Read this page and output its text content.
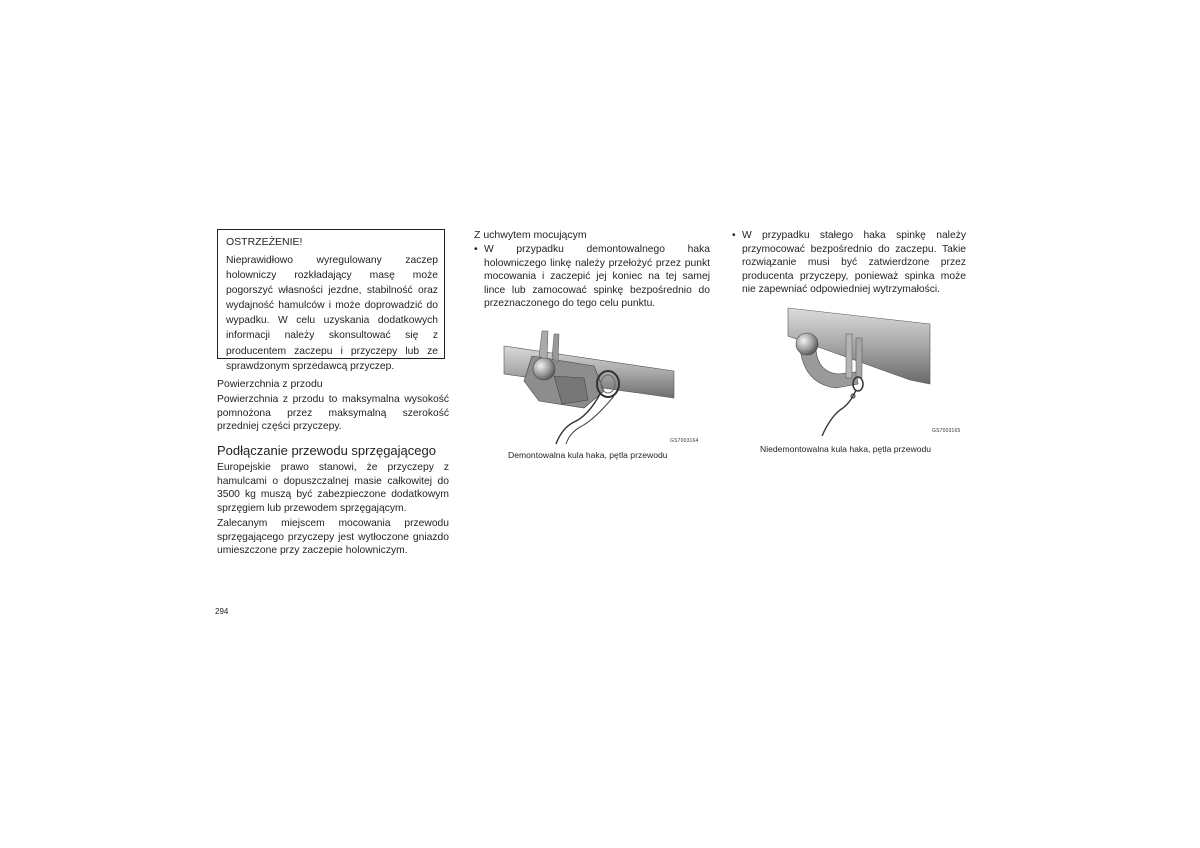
OSTRZEŻENIE!

Nieprawidłowo wyregulowany zaczep holowniczy rozkładający masę może pogorszyć własności jezdne, stabilność oraz wydajność hamulców i może doprowadzić do wypadku. W celu uzyskania dodatkowych informacji należy skonsultować się z producentem zaczepu i przyczepy lub ze sprawdzonym sprzedawcą przyczep.

Powierzchnia z przodu

Powierzchnia z przodu to maksymalna wysokość pomnożona przez maksymalną szerokość przedniej części przyczepy.

Podłączanie przewodu sprzęgającego

Europejskie prawo stanowi, że przyczepy z hamulcami o dopuszczalnej masie całkowitej do 3500 kg muszą być zabezpieczone dodatkowym sprzęgiem lub przewodem sprzęgającym.

Zalecanym miejscem mocowania przewodu sprzęgającego przyczepy jest wytłoczone gniazdo umieszczone przy zaczepie holowniczym.

Z uchwytem mocującym

• W przypadku demontowalnego haka holowniczego linkę należy przełożyć przez punkt mocowania i zaczepić jej koniec na tej samej lince lub zamocować spinkę bezpośrednio do przeznaczonego do tego celu punktu.
GS7003164

Demontowalna kula haka, pętla przewodu

• W przypadku stałego haka spinkę należy przymocować bezpośrednio do zaczepu. Takie rozwiązanie musi być zatwierdzone przez producenta przyczepy, ponieważ spinka może nie zapewniać odpowiedniej wytrzymałości.
GS7003165

Niedemontowalna kula haka, pętla przewodu

294
